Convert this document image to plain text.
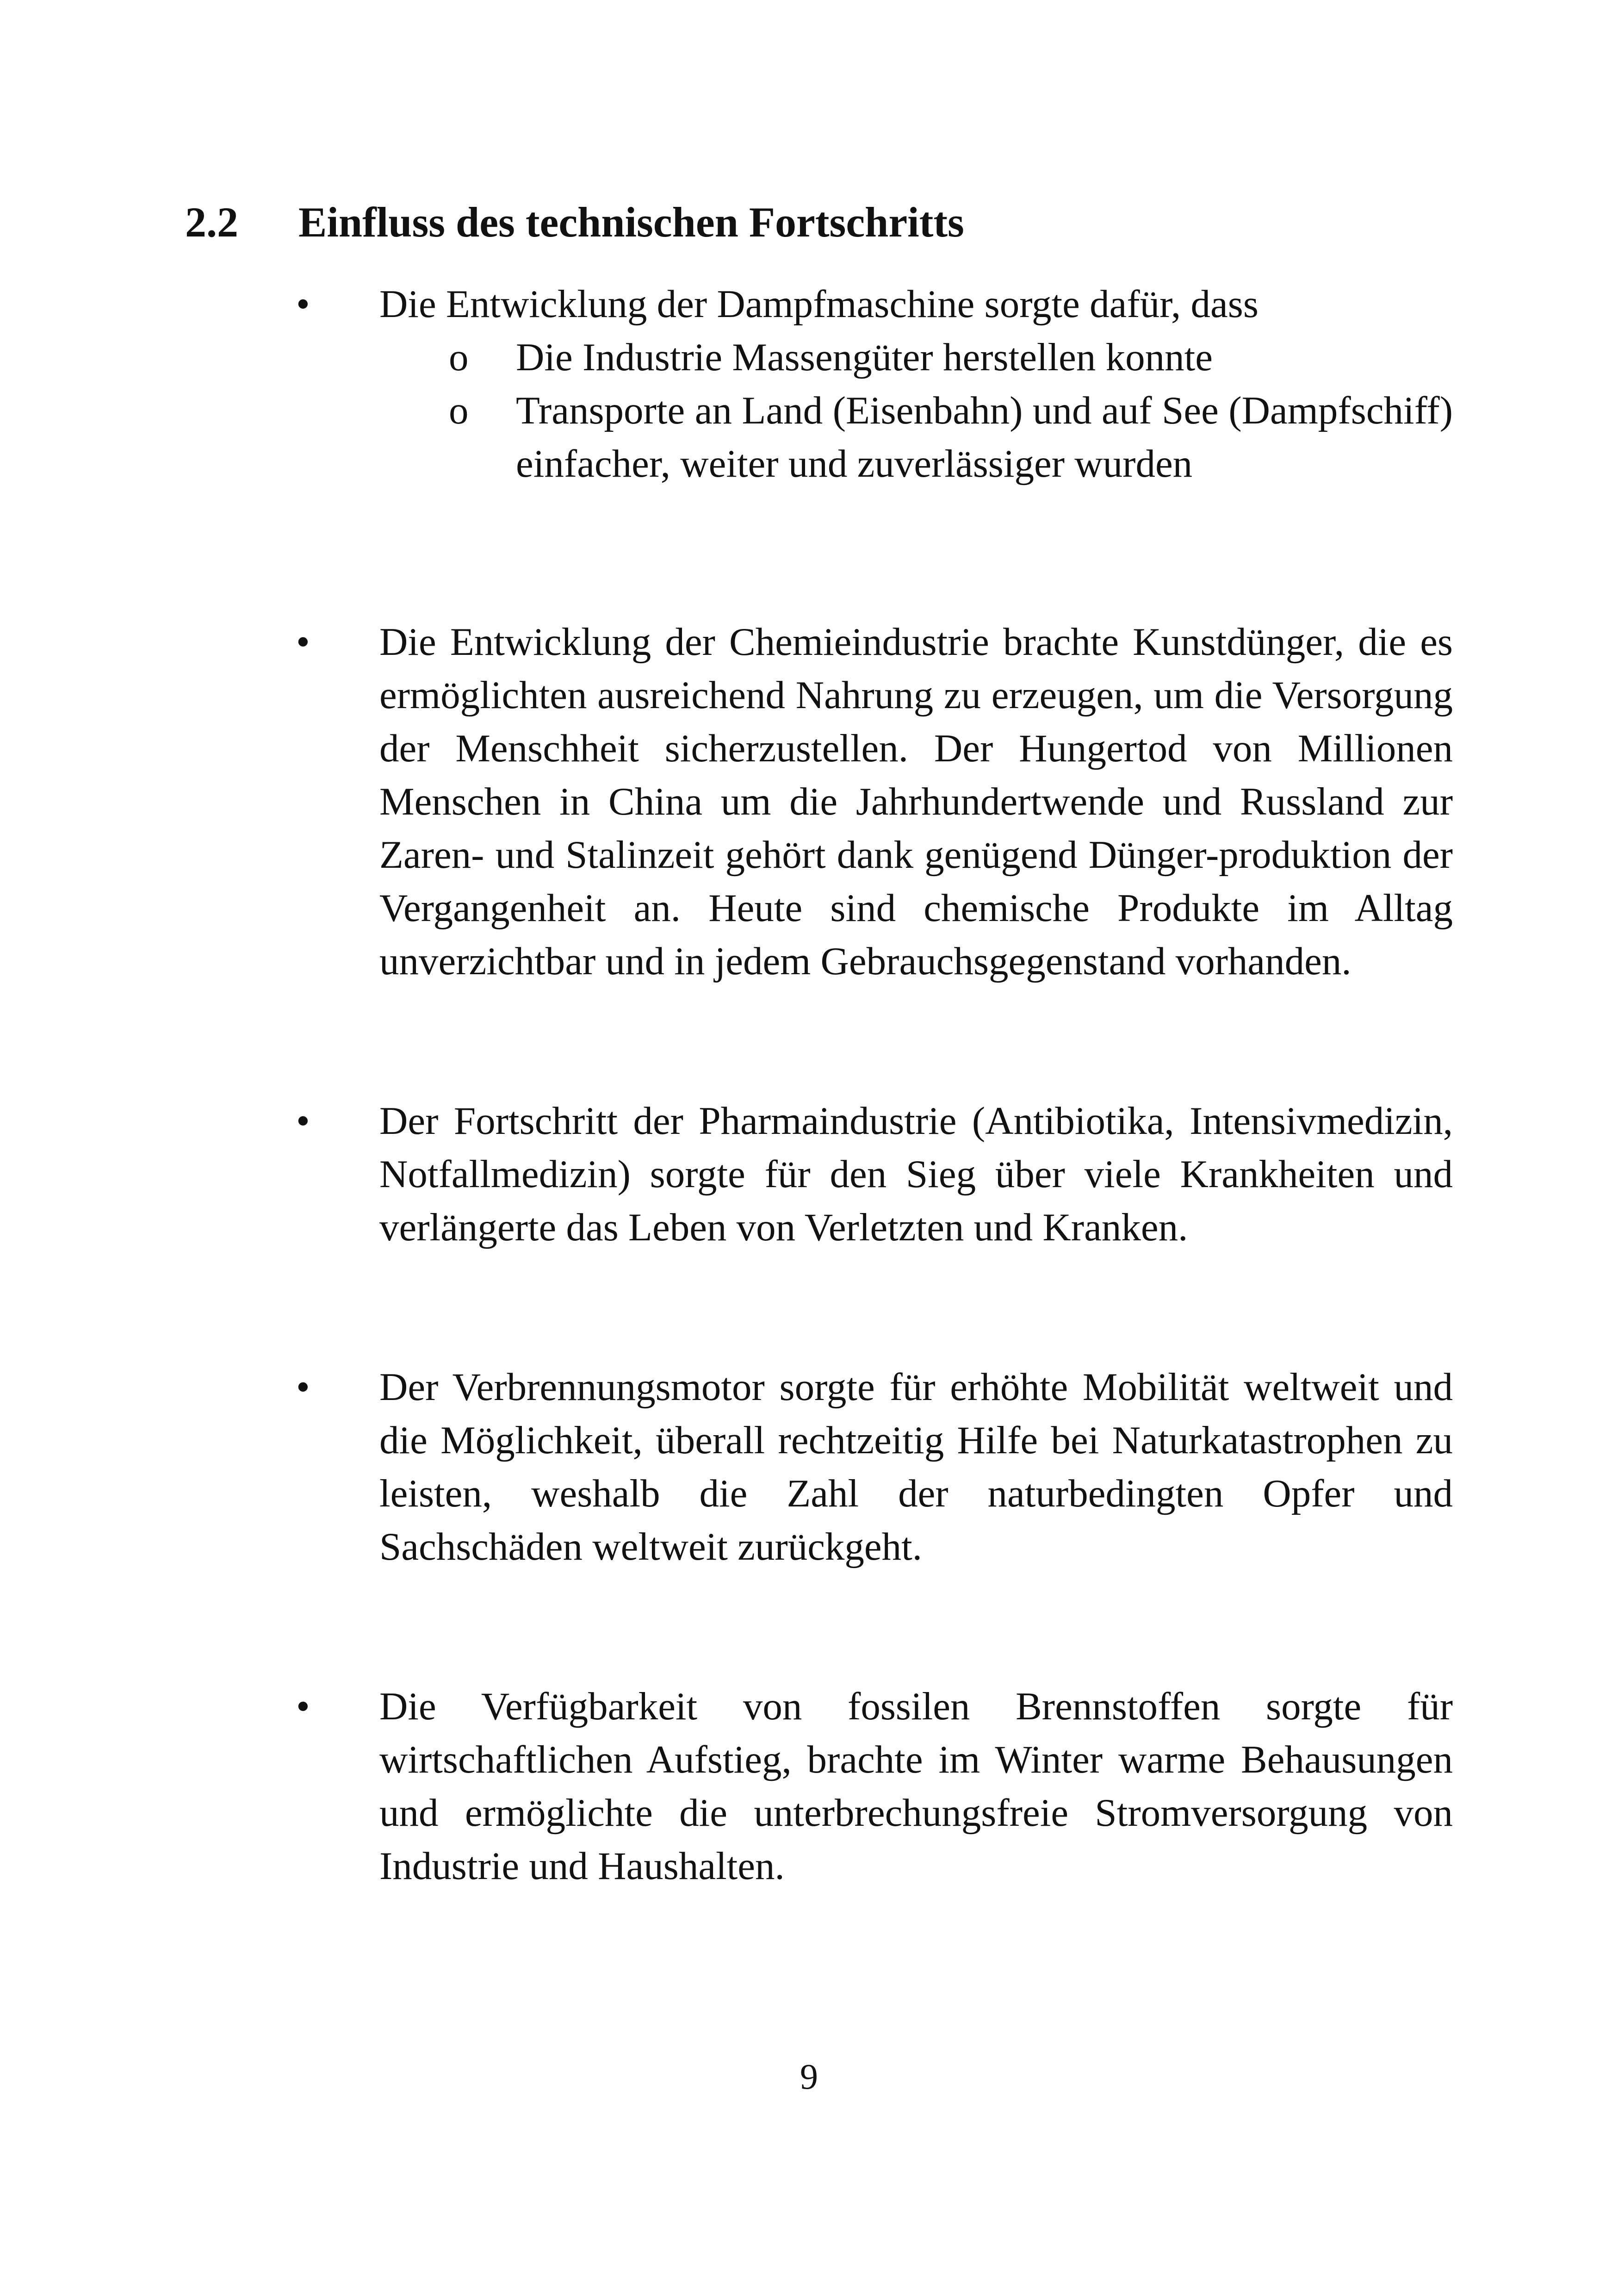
2.2 Einfluss des technischen Fortschritts
• Die Entwicklung der Dampfmaschine sorgte dafür, dass
o Die Industrie Massengüter herstellen konnte
o Transporte an Land (Eisenbahn) und auf See (Dampfschiff) einfacher, weiter und zuverlässiger wurden
• Die Entwicklung der Chemieindustrie brachte Kunstdünger, die es ermöglichten ausreichend Nahrung zu erzeugen, um die Versorgung der Menschheit sicherzustellen. Der Hungertod von Millionen Menschen in China um die Jahrhundertwende und Russland zur Zaren- und Stalinzeit gehört dank genügend Dünger-produktion der Vergangenheit an. Heute sind chemische Produkte im Alltag unverzichtbar und in jedem Gebrauchsgegenstand vorhanden.
• Der Fortschritt der Pharmaindustrie (Antibiotika, Intensivmedizin, Notfallmedizin) sorgte für den Sieg über viele Krankheiten und verlängerte das Leben von Verletzten und Kranken.
• Der Verbrennungsmotor sorgte für erhöhte Mobilität weltweit und die Möglichkeit, überall rechtzeitig Hilfe bei Naturkatastrophen zu leisten, weshalb die Zahl der naturbedingten Opfer und Sachschäden weltweit zurückgeht.
• Die Verfügbarkeit von fossilen Brennstoffen sorgte für wirtschaftlichen Aufstieg, brachte im Winter warme Behausungen und ermöglichte die unterbrechungsfreie Stromversorgung von Industrie und Haushalten.
9
